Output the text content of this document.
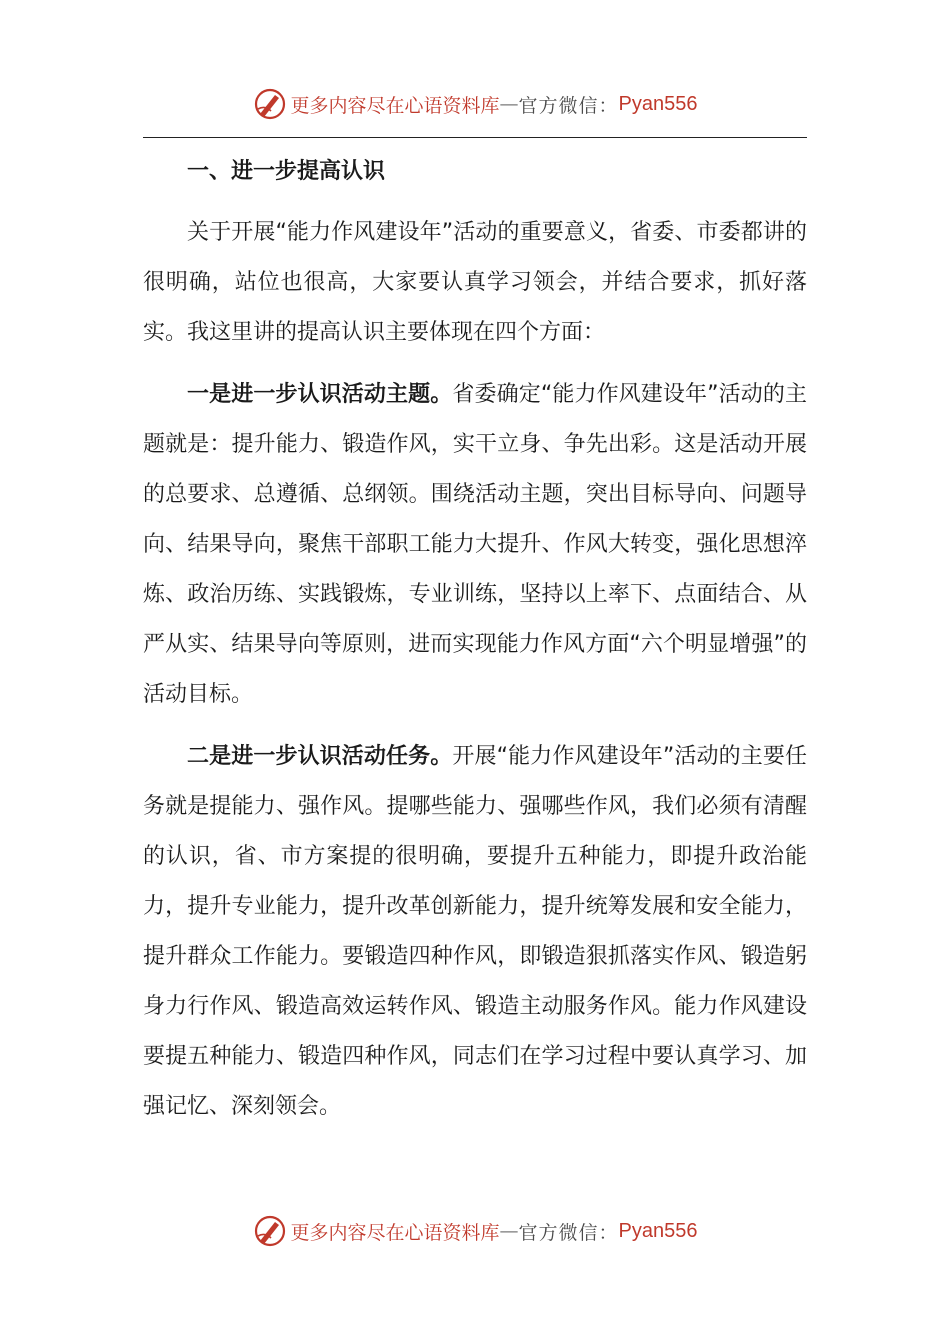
更多内容尽在心语资料库 — 官方微信： Pyan556
一、进一步提高认识

关于开展“能力作风建设年”活动的重要意义，省委、市委都讲的很明确，站位也很高，大家要认真学习领会，并结合要求，抓好落实。我这里讲的提高认识主要体现在四个方面：

一是进一步认识活动主题。省委确定“能力作风建设年”活动的主题就是：提升能力、锻造作风，实干立身、争先出彩。这是活动开展的总要求、总遵循、总纲领。围绕活动主题，突出目标导向、问题导向、结果导向，聚焦干部职工能力大提升、作风大转变，强化思想淬炼、政治历练、实践锻炼，专业训练，坚持以上率下、点面结合、从严从实、结果导向等原则，进而实现能力作风方面“六个明显增强”的活动目标。

二是进一步认识活动任务。开展“能力作风建设年”活动的主要任务就是提能力、强作风。提哪些能力、强哪些作风，我们必须有清醒的认识，省、市方案提的很明确，要提升五种能力，即提升政治能力，提升专业能力，提升改革创新能力，提升统筹发展和安全能力，提升群众工作能力。要锻造四种作风，即锻造狠抓落实作风、锻造躬身力行作风、锻造高效运转作风、锻造主动服务作风。能力作风建设要提五种能力、锻造四种作风，同志们在学习过程中要认真学习、加强记忆、深刻领会。

更多内容尽在心语资料库 — 官方微信： Pyan556
